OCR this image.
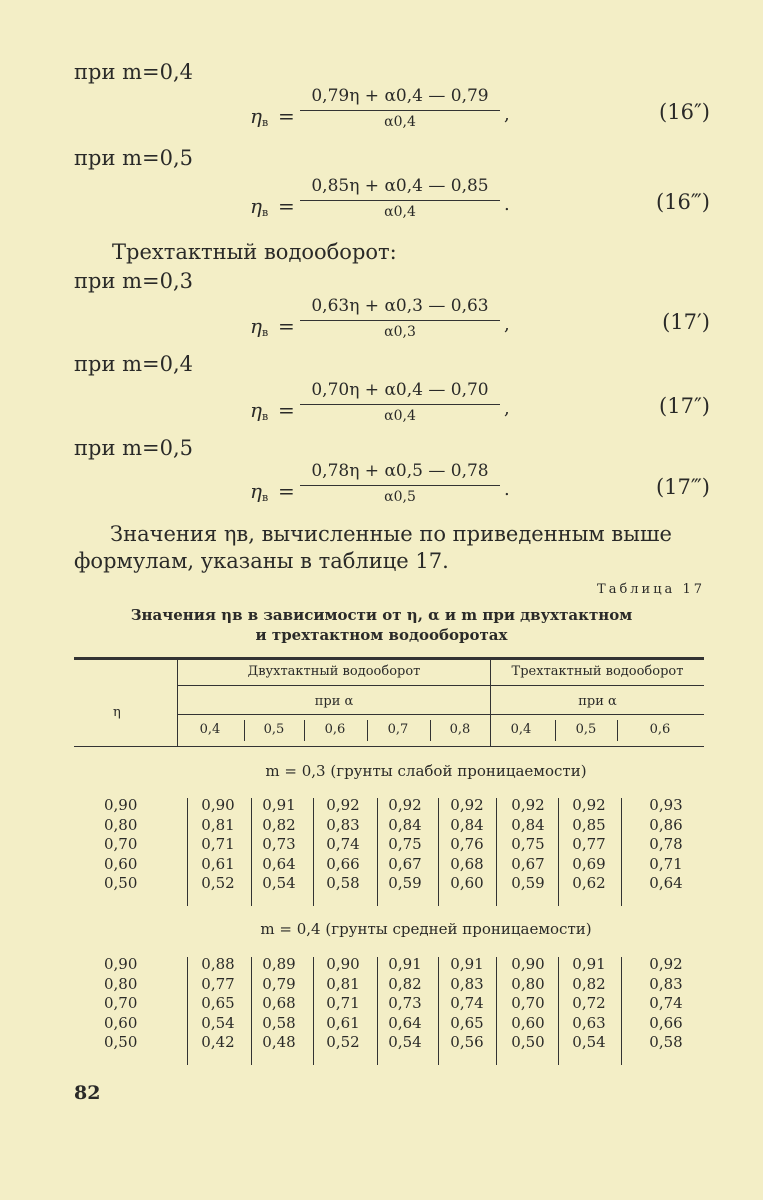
при m=0,4
$\eta_в$ =
0,79η + α0,4 — 0,79
α0,4	,	(16″)
при m=0,5
$\eta_в$ =
0,85η + α0,4 — 0,85
α0,4	.	(16‴)
при m=0,3
$\eta_в$ =
0,63η + α0,3 — 0,63
α0,3	,	(17′)
при m=0,4
$\eta_в$ =
0,70η + α0,4 — 0,70
α0,4	,	(17″)
при m=0,5
$\eta_в$ =
0,78η + α0,5 — 0,78
α0,5	.	(17‴)
Трехтактный водооборот:
Значения ηв, вычисленные по приведенным выше
формулам, указаны в таблице 17.
Таблица 17
Значения ηв в зависимости от η, α и m при двухтактном
и трехтактном водооборотах
η
Двухтактный водооборот	Трехтактный водооборот
при α	при α
0,4	0,5	0,6	0,7	0,8	0,4	0,5	0,6
m = 0,3 (грунты слабой проницаемости)
0,90	0,90	0,91	0,92	0,92	0,92	0,92	0,92	0,93
0,80	0,81	0,82	0,83	0,84	0,84	0,84	0,85	0,86
0,70	0,71	0,73	0,74	0,75	0,76	0,75	0,77	0,78
0,60	0,61	0,64	0,66	0,67	0,68	0,67	0,69	0,71
0,50	0,52	0,54	0,58	0,59	0,60	0,59	0,62	0,64
m = 0,4 (грунты средней проницаемости)
0,90	0,88	0,89	0,90	0,91	0,91	0,90	0,91	0,92
0,80	0,77	0,79	0,81	0,82	0,83	0,80	0,82	0,83
0,70	0,65	0,68	0,71	0,73	0,74	0,70	0,72	0,74
0,60	0,54	0,58	0,61	0,64	0,65	0,60	0,63	0,66
0,50	0,42	0,48	0,52	0,54	0,56	0,50	0,54	0,58
82
